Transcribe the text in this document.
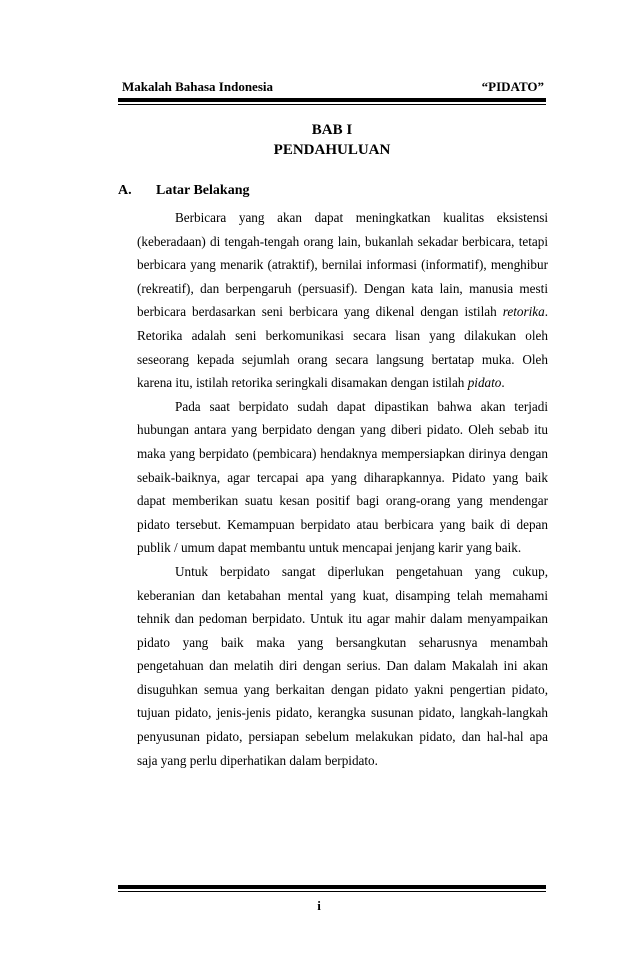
Makalah Bahasa Indonesia	“PIDATO”
BAB I
PENDAHULUAN
A. Latar Belakang

Berbicara yang akan dapat meningkatkan kualitas eksistensi (keberadaan) di tengah-tengah orang lain, bukanlah sekadar berbicara, tetapi berbicara yang menarik (atraktif), bernilai informasi (informatif), menghibur (rekreatif), dan berpengaruh (persuasif). Dengan kata lain, manusia mesti berbicara berdasarkan seni berbicara yang dikenal dengan istilah retorika. Retorika adalah seni berkomunikasi secara lisan yang dilakukan oleh seseorang kepada sejumlah orang secara langsung bertatap muka. Oleh karena itu, istilah retorika seringkali disamakan dengan istilah pidato.

Pada saat berpidato sudah dapat dipastikan bahwa akan terjadi hubungan antara yang berpidato dengan yang diberi pidato. Oleh sebab itu maka yang berpidato (pembicara) hendaknya mempersiapkan dirinya dengan sebaik-baiknya, agar tercapai apa yang diharapkannya. Pidato yang baik dapat memberikan suatu kesan positif bagi orang-orang yang mendengar pidato tersebut. Kemampuan berpidato atau berbicara yang baik di depan publik / umum dapat membantu untuk mencapai jenjang karir yang baik.

Untuk berpidato sangat diperlukan pengetahuan yang cukup, keberanian dan ketabahan mental yang kuat, disamping telah memahami tehnik dan pedoman berpidato. Untuk itu agar mahir dalam menyampaikan pidato yang baik maka yang bersangkutan seharusnya menambah pengetahuan dan melatih diri dengan serius. Dan dalam Makalah ini akan disuguhkan semua yang berkaitan dengan pidato yakni pengertian pidato, tujuan pidato, jenis-jenis pidato, kerangka susunan pidato, langkah-langkah penyusunan pidato, persiapan sebelum melakukan pidato, dan hal-hal apa saja yang perlu diperhatikan dalam berpidato.

i
